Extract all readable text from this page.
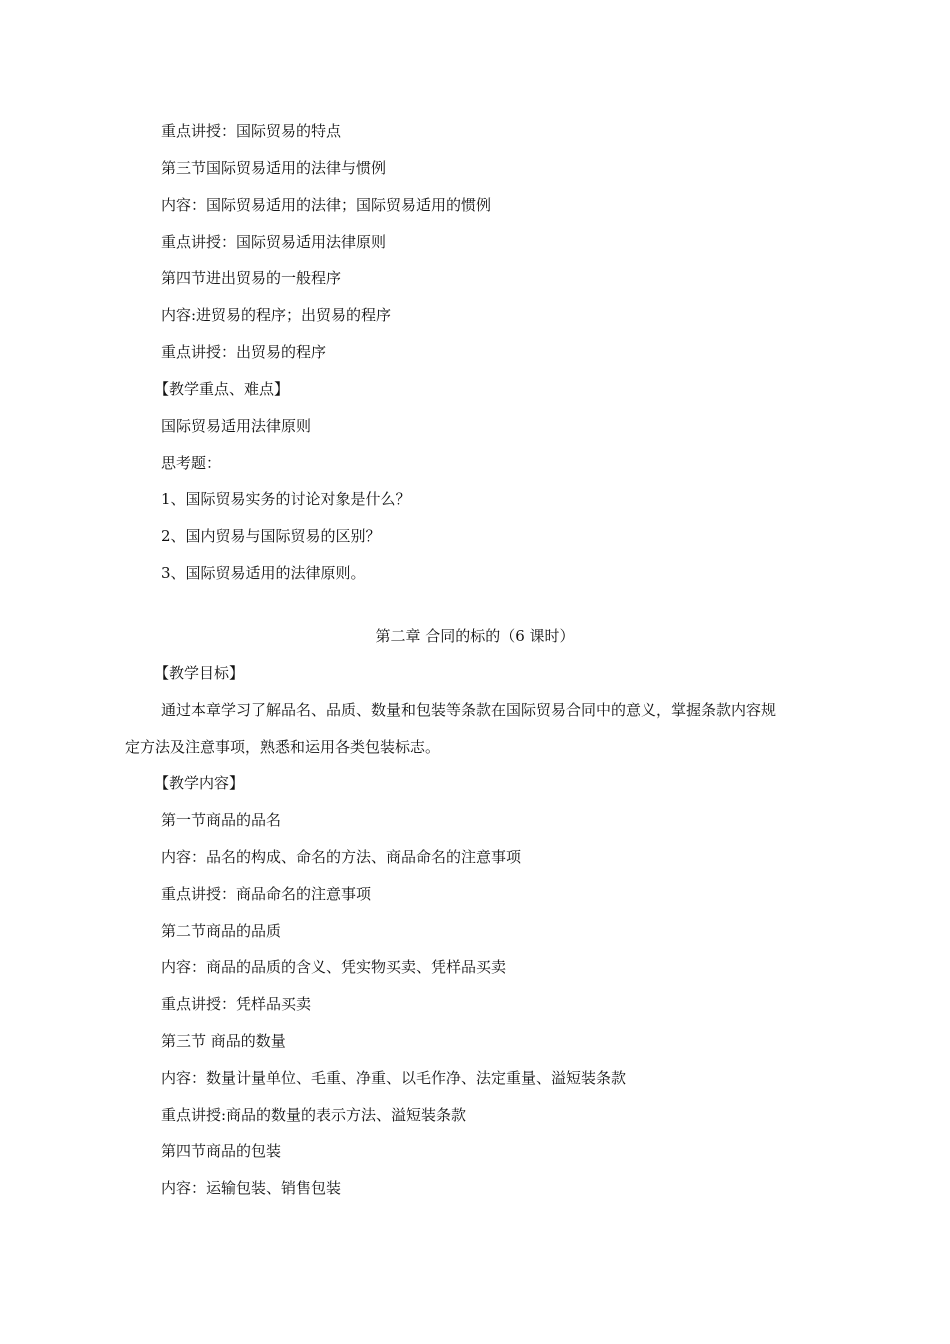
重点讲授：国际贸易的特点
第三节国际贸易适用的法律与惯例
内容：国际贸易适用的法律；国际贸易适用的惯例
重点讲授：国际贸易适用法律原则
第四节进出贸易的一般程序
内容:进贸易的程序；出贸易的程序
重点讲授：出贸易的程序
【教学重点、难点】
国际贸易适用法律原则
思考题：
1、国际贸易实务的讨论对象是什么？
2、国内贸易与国际贸易的区别？
3、国际贸易适用的法律原则。
第二章 合同的标的（6 课时）
【教学目标】
通过本章学习了解品名、品质、数量和包装等条款在国际贸易合同中的意义，掌握条款内容规
定方法及注意事项，熟悉和运用各类包装标志。
【教学内容】
第一节商品的品名
内容：品名的构成、命名的方法、商品命名的注意事项
重点讲授：商品命名的注意事项
第二节商品的品质
内容：商品的品质的含义、凭实物买卖、凭样品买卖
重点讲授：凭样品买卖
第三节 商品的数量
内容：数量计量单位、毛重、净重、以毛作净、法定重量、溢短装条款
重点讲授:商品的数量的表示方法、溢短装条款
第四节商品的包装
内容：运输包装、销售包装
